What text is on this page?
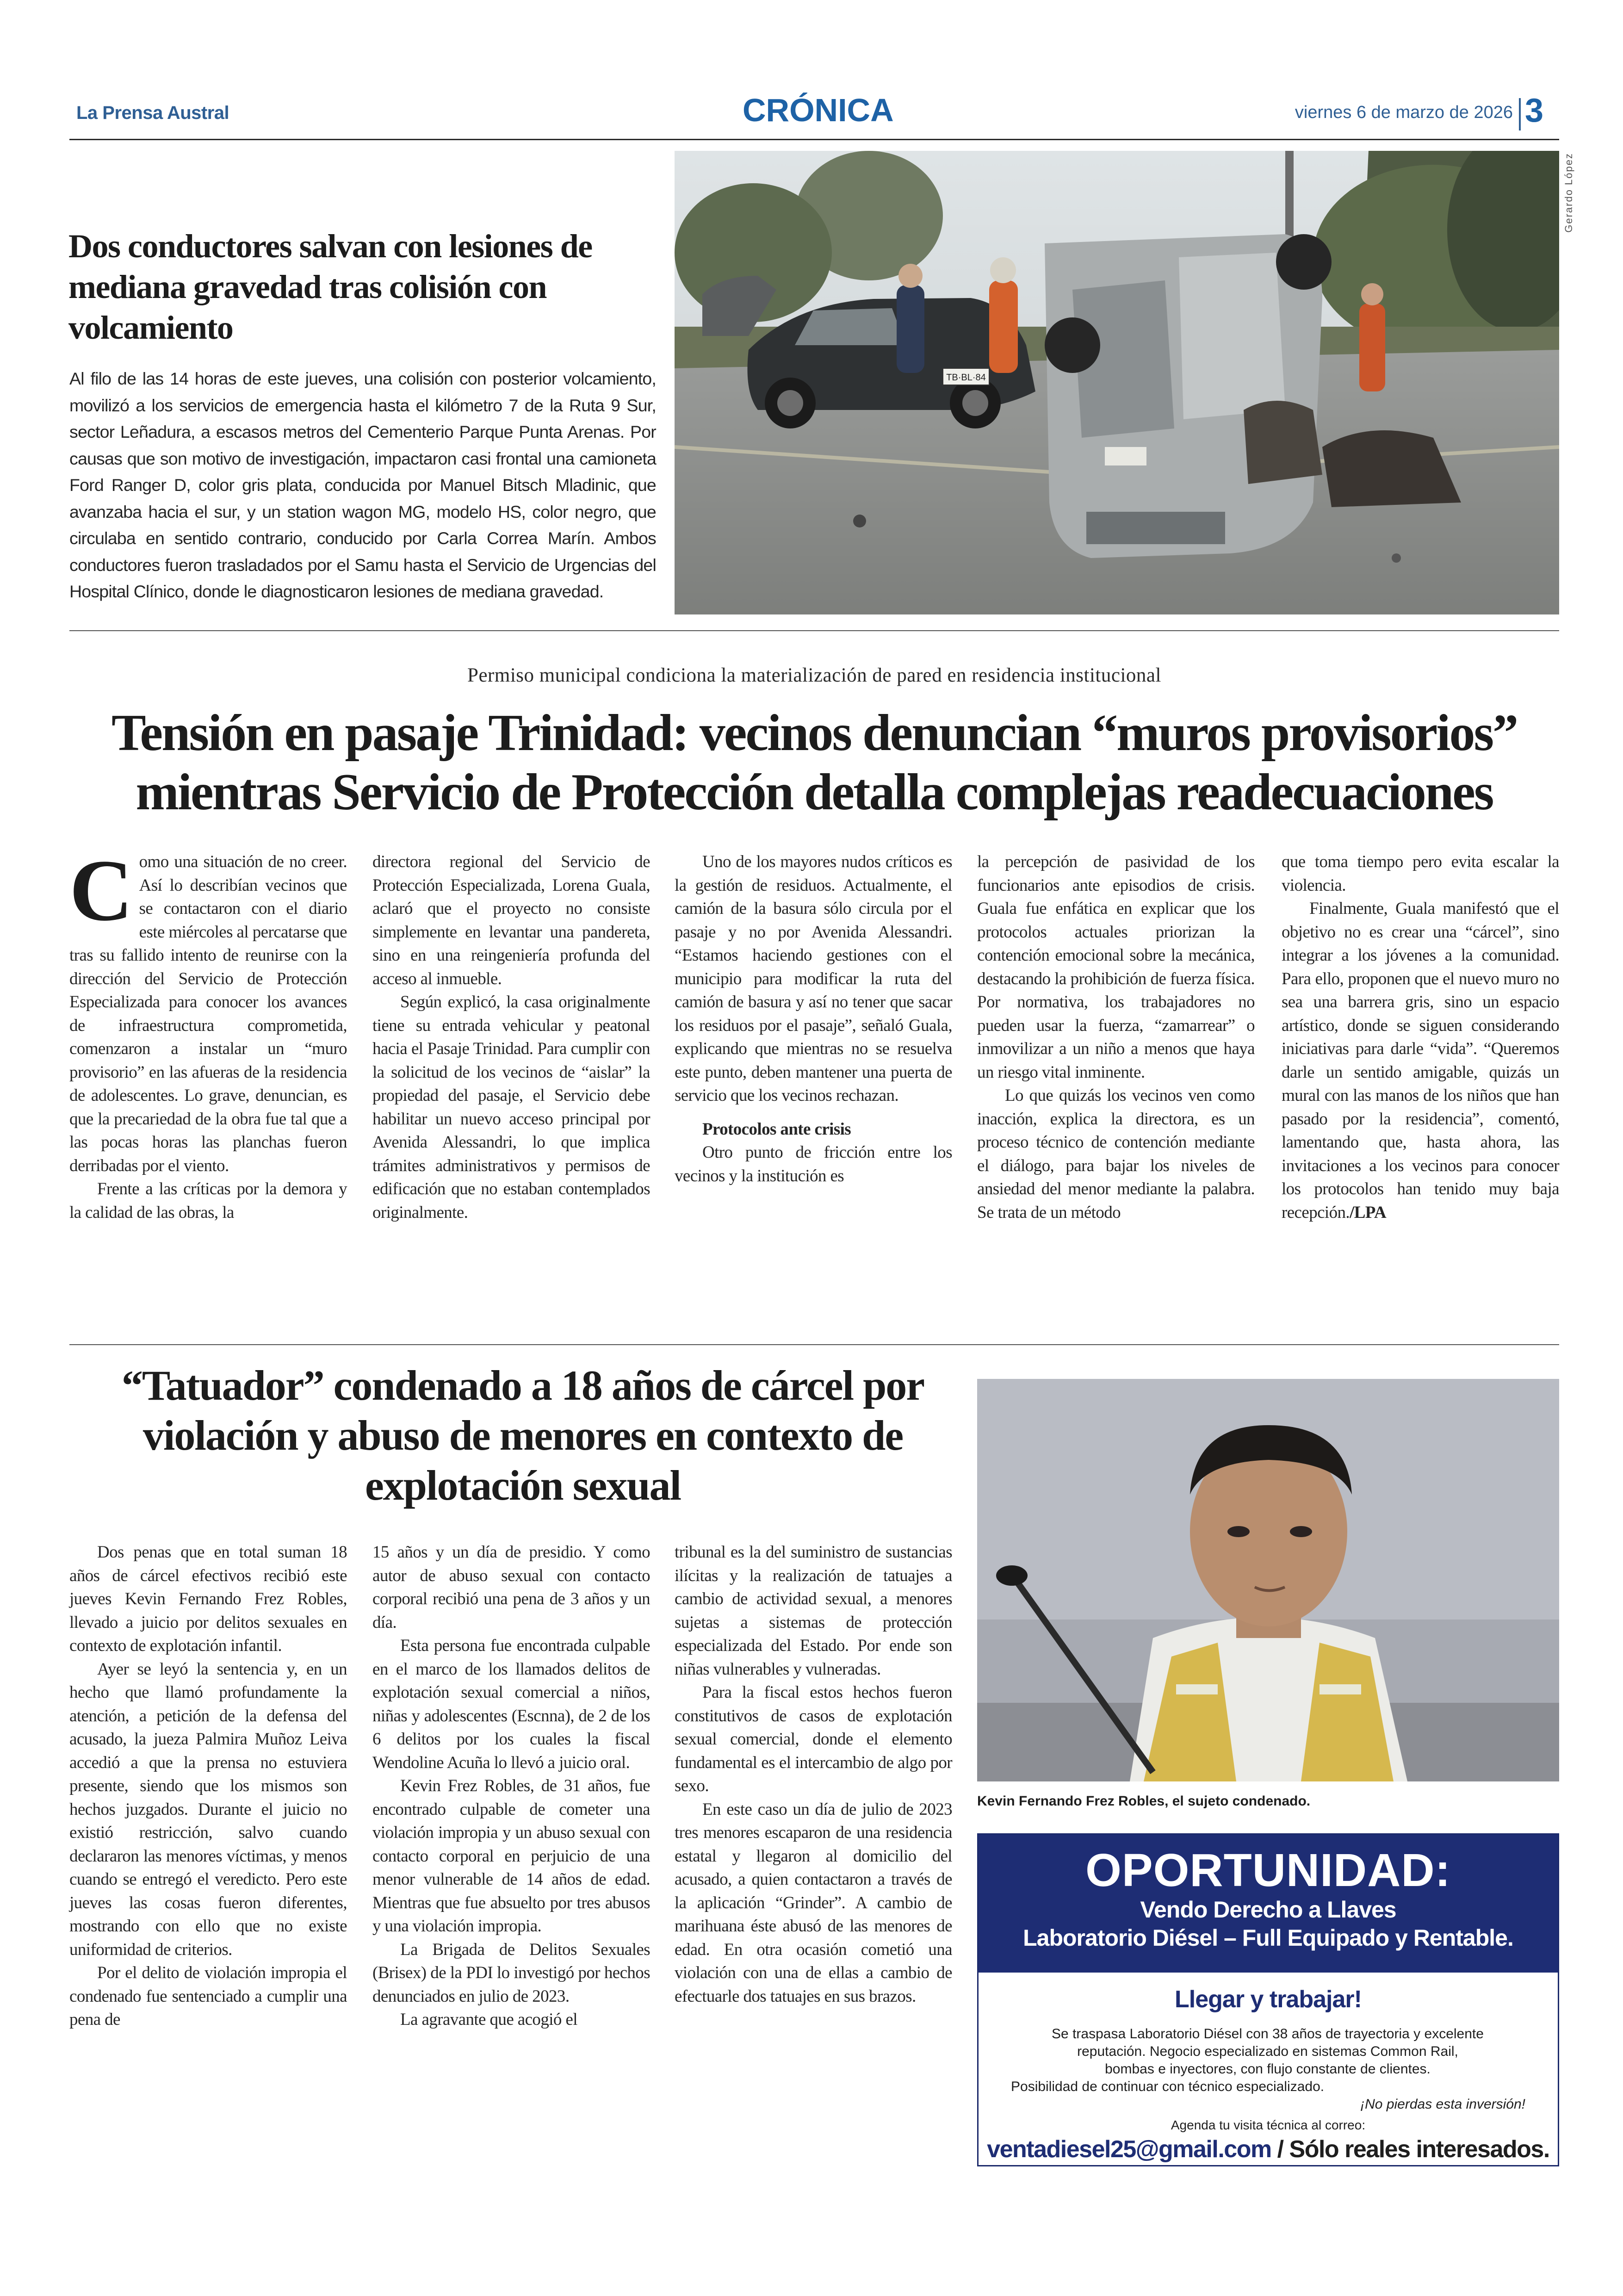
La Prensa Austral	CRÓNICA	viernes 6 de marzo de 2026 3
Dos conductores salvan con lesiones de mediana gravedad tras colisión con volcamiento
Al filo de las 14 horas de este jueves, una colisión con posterior volcamiento, movilizó a los servicios de emergencia hasta el kilómetro 7 de la Ruta 9 Sur, sector Leñadura, a escasos metros del Cementerio Parque Punta Arenas. Por causas que son motivo de investigación, impactaron casi frontal una camioneta Ford Ranger D, color gris plata, conducida por Manuel Bitsch Mladinic, que avanzaba hacia el sur, y un station wagon MG, modelo HS, color negro, que circulaba en sentido contrario, conducido por Carla Correa Marín. Ambos conductores fueron trasladados por el Samu hasta el Servicio de Urgencias del Hospital Clínico, donde le diagnosticaron lesiones de mediana gravedad.
TB·BL·84
Gerardo López
Permiso municipal condiciona la materialización de pared en residencia institucional
Tensión en pasaje Trinidad: vecinos denuncian “muros provisorios” mientras Servicio de Protección detalla complejas readecuaciones

Como una situación de no creer. Así lo describían vecinos que se contactaron con el diario este miércoles al percatarse que tras su fallido intento de reunirse con la dirección del Servicio de Protección Especializada para conocer los avances de infraestructura comprometida, comenzaron a instalar un “muro provisorio” en las afueras de la residencia de adolescentes. Lo grave, denuncian, es que la precariedad de la obra fue tal que a las pocas horas las planchas fueron derribadas por el viento.

Frente a las críticas por la demora y la calidad de las obras, la

directora regional del Servicio de Protección Especializada, Lorena Guala, aclaró que el proyecto no consiste simplemente en levantar una pandereta, sino en una reingeniería profunda del acceso al inmueble.

Según explicó, la casa originalmente tiene su entrada vehicular y peatonal hacia el Pasaje Trinidad. Para cumplir con la solicitud de los vecinos de “aislar” la propiedad del pasaje, el Servicio debe habilitar un nuevo acceso principal por Avenida Alessandri, lo que implica trámites administrativos y permisos de edificación que no estaban contemplados originalmente.

Uno de los mayores nudos críticos es la gestión de residuos. Actualmente, el camión de la basura sólo circula por el pasaje y no por Avenida Alessandri. “Estamos haciendo gestiones con el municipio para modificar la ruta del camión de basura y así no tener que sacar los residuos por el pasaje”, señaló Guala, explicando que mientras no se resuelva este punto, deben mantener una puerta de servicio que los vecinos rechazan.

Protocolos ante crisis

Otro punto de fricción entre los vecinos y la institución es

la percepción de pasividad de los funcionarios ante episodios de crisis. Guala fue enfática en explicar que los protocolos actuales priorizan la contención emocional sobre la mecánica, destacando la prohibición de fuerza física. Por normativa, los trabajadores no pueden usar la fuerza, “zamarrear” o inmovilizar a un niño a menos que haya un riesgo vital inminente.

Lo que quizás los vecinos ven como inacción, explica la directora, es un proceso técnico de contención mediante el diálogo, para bajar los niveles de ansiedad del menor mediante la palabra. Se trata de un método

que toma tiempo pero evita escalar la violencia.

Finalmente, Guala manifestó que el objetivo no es crear una “cárcel”, sino integrar a los jóvenes a la comunidad. Para ello, proponen que el nuevo muro no sea una barrera gris, sino un espacio artístico, donde se siguen considerando iniciativas para darle “vida”. “Queremos darle un sentido amigable, quizás un mural con las manos de los niños que han pasado por la residencia”, comentó, lamentando que, hasta ahora, las invitaciones a los vecinos para conocer los protocolos han tenido muy baja recepción./LPA

“Tatuador” condenado a 18 años de cárcel por violación y abuso de menores en contexto de explotación sexual

Dos penas que en total suman 18 años de cárcel efectivos recibió este jueves Kevin Fernando Frez Robles, llevado a juicio por delitos sexuales en contexto de explotación infantil.

Ayer se leyó la sentencia y, en un hecho que llamó profundamente la atención, a petición de la defensa del acusado, la jueza Palmira Muñoz Leiva accedió a que la prensa no estuviera presente, siendo que los mismos son hechos juzgados. Durante el juicio no existió restricción, salvo cuando declararon las menores víctimas, y menos cuando se entregó el veredicto. Pero este jueves las cosas fueron diferentes, mostrando con ello que no existe uniformidad de criterios.

Por el delito de violación impropia el condenado fue sentenciado a cumplir una pena de

15 años y un día de presidio. Y como autor de abuso sexual con contacto corporal recibió una pena de 3 años y un día.

Esta persona fue encontrada culpable en el marco de los llamados delitos de explotación sexual comercial a niños, niñas y adolescentes (Escnna), de 2 de los 6 delitos por los cuales la fiscal Wendoline Acuña lo llevó a juicio oral.

Kevin Frez Robles, de 31 años, fue encontrado culpable de cometer una violación impropia y un abuso sexual con contacto corporal en perjuicio de una menor vulnerable de 14 años de edad. Mientras que fue absuelto por tres abusos y una violación impropia.

La Brigada de Delitos Sexuales (Brisex) de la PDI lo investigó por hechos denunciados en julio de 2023.

La agravante que acogió el

tribunal es la del suministro de sustancias ilícitas y la realización de tatuajes a cambio de actividad sexual, a menores sujetas a sistemas de protección especializada del Estado. Por ende son niñas vulnerables y vulneradas.

Para la fiscal estos hechos fueron constitutivos de casos de explotación sexual comercial, donde el elemento fundamental es el intercambio de algo por sexo.

En este caso un día de julio de 2023 tres menores escaparon de una residencia estatal y llegaron al domicilio del acusado, a quien contactaron a través de la aplicación “Grinder”. A cambio de marihuana éste abusó de las menores de edad. En otra ocasión cometió una violación con una de ellas a cambio de efectuarle dos tatuajes en sus brazos.

Kevin Fernando Frez Robles, el sujeto condenado.
OPORTUNIDAD:
Vendo Derecho a Llaves
Laboratorio Diésel – Full Equipado y Rentable.
Llegar y trabajar!
Se traspasa Laboratorio Diésel con 38 años de trayectoria y excelente
reputación. Negocio especializado en sistemas Common Rail,
bombas e inyectores, con flujo constante de clientes.
Posibilidad de continuar con técnico especializado.
¡No pierdas esta inversión!
Agenda tu visita técnica al correo:
ventadiesel25@gmail.com / Sólo reales interesados.
